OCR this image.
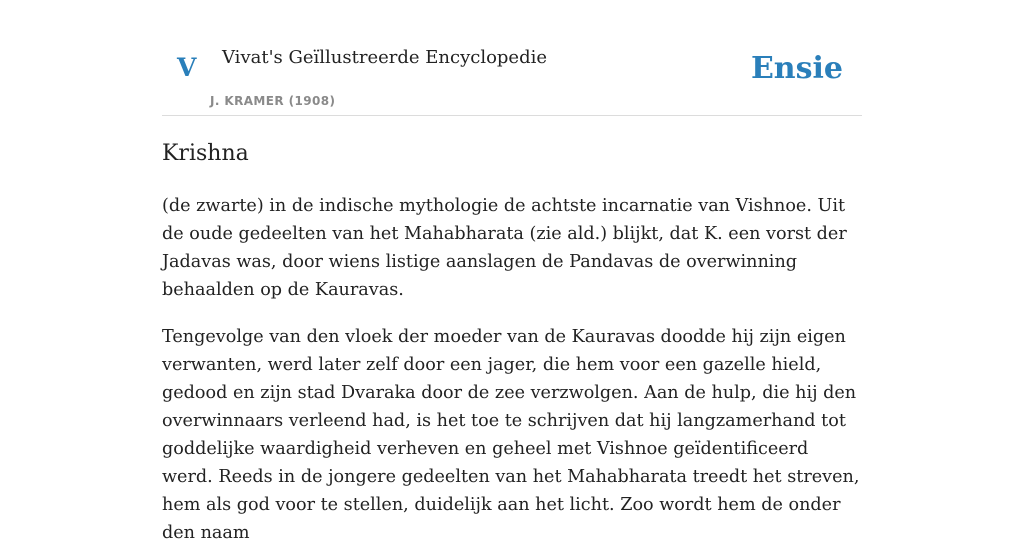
V Vivat's Geïllustreerde Encyclopedie
J. KRAMER (1908)
Ensie
Krishna

(de zwarte) in de indische mythologie de achtste incarnatie van Vishnoe. Uit de oude gedeelten van het Mahabharata (zie ald.) blijkt, dat K. een vorst der Jadavas was, door wiens listige aanslagen de Pandavas de overwinning behaalden op de Kauravas.

Tengevolge van den vloek der moeder van de Kauravas doodde hij zijn eigen verwanten, werd later zelf door een jager, die hem voor een gazelle hield, gedood en zijn stad Dvaraka door de zee verzwolgen. Aan de hulp, die hij den overwinnaars verleend had, is het toe te schrijven dat hij langzamerhand tot goddelijke waardigheid verheven en geheel met Vishnoe geïdentificeerd werd. Reeds in de jongere gedeelten van het Mahabharata treedt het streven, hem als god voor te stellen, duidelijk aan het licht. Zoo wordt hem de onder den naam
